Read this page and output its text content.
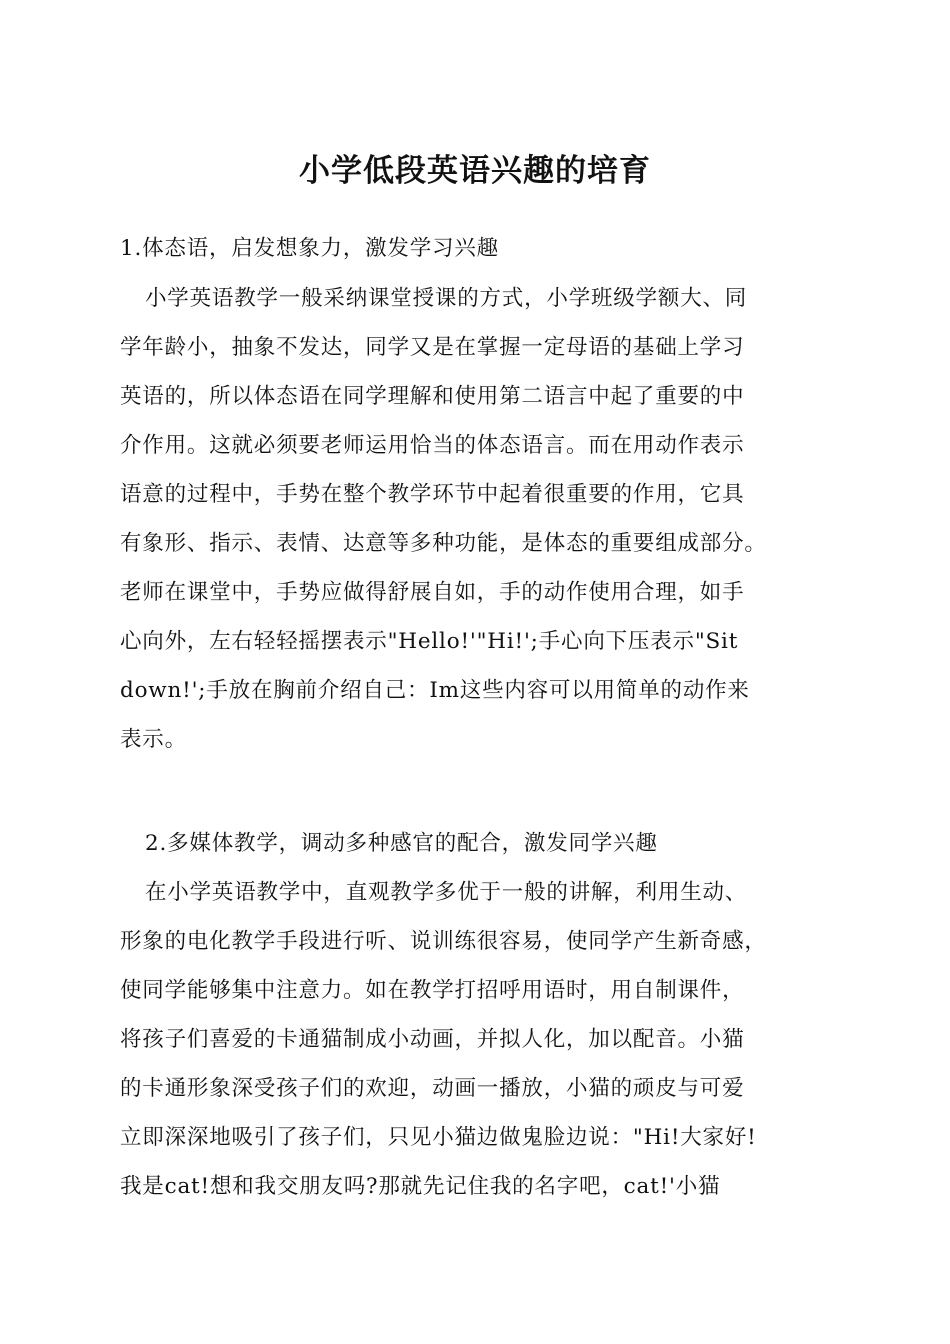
小学低段英语兴趣的培育
1.体态语，启发想象力，激发学习兴趣
小学英语教学一般采纳课堂授课的方式，小学班级学额大、同
学年龄小，抽象不发达，同学又是在掌握一定母语的基础上学习
英语的，所以体态语在同学理解和使用第二语言中起了重要的中
介作用。这就必须要老师运用恰当的体态语言。而在用动作表示
语意的过程中，手势在整个教学环节中起着很重要的作用，它具
有象形、指示、表情、达意等多种功能，是体态的重要组成部分。
老师在课堂中，手势应做得舒展自如，手的动作使用合理，如手
心向外，左右轻轻摇摆表示"Hello!'"Hi!';手心向下压表示"Sit
down!';手放在胸前介绍自己：Im这些内容可以用简单的动作来
表示。
2.多媒体教学，调动多种感官的配合，激发同学兴趣
在小学英语教学中，直观教学多优于一般的讲解，利用生动、
形象的电化教学手段进行听、说训练很容易，使同学产生新奇感，
使同学能够集中注意力。如在教学打招呼用语时，用自制课件，
将孩子们喜爱的卡通猫制成小动画，并拟人化，加以配音。小猫
的卡通形象深受孩子们的欢迎，动画一播放，小猫的顽皮与可爱
立即深深地吸引了孩子们，只见小猫边做鬼脸边说："Hi!大家好!
我是cat!想和我交朋友吗?那就先记住我的名字吧，cat!'小猫
